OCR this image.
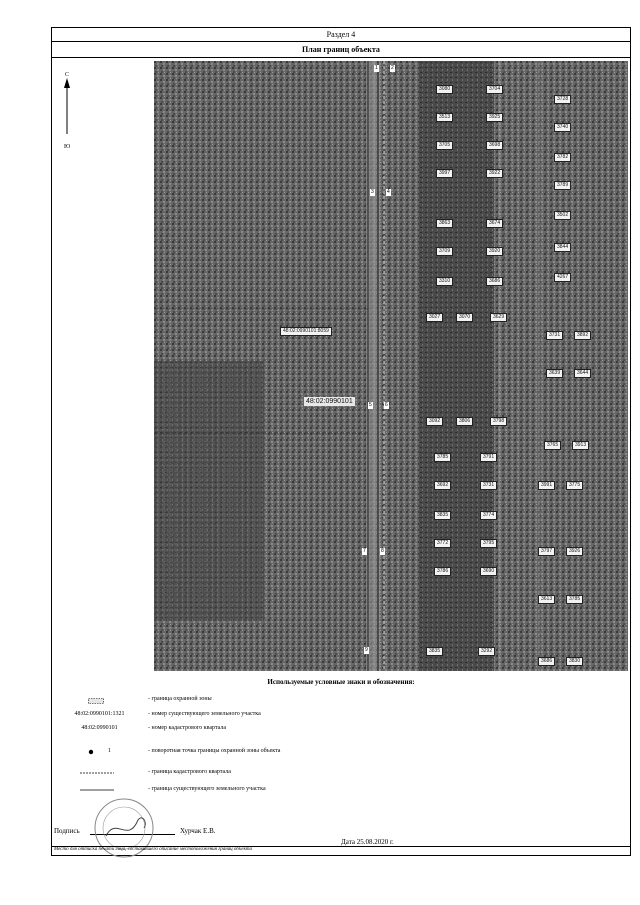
Раздел 4
План границ объекта
С
Ю
48:02:0990101:8059
48:02:0990101
1	2
3	4
5	6
7	8
9
3080	3704
3728
3513	3925
3740
3705	3698
3782
3997	3922
3789
3863	3674
3502
3709	3920
3844
3310	3686
4267
3027	3070	3629
3731	3892
3639	3644
3092	3806	3798
3765	3913
3785	3791
3692	3731	3991	3775
3835	3774
3772	3795
3797	3926
3786	3690
3613	3785
3835	3292
3686	3830
Используемые условные знаки и обозначения:
- граница охранной зоны
48:02:0990101:1321	- номер существующего земельного участка
48:02:0990101	- номер кадастрового квартала
1	- поворотная точка границы охранной зоны объекта
- граница кадастрового квартала
- граница существующего земельного участка
Подпись	Хурчак Е.В.
Дата 25.08.2020 г.
Место для оттиска печати лица, составившего описание местоположения границ объекта
